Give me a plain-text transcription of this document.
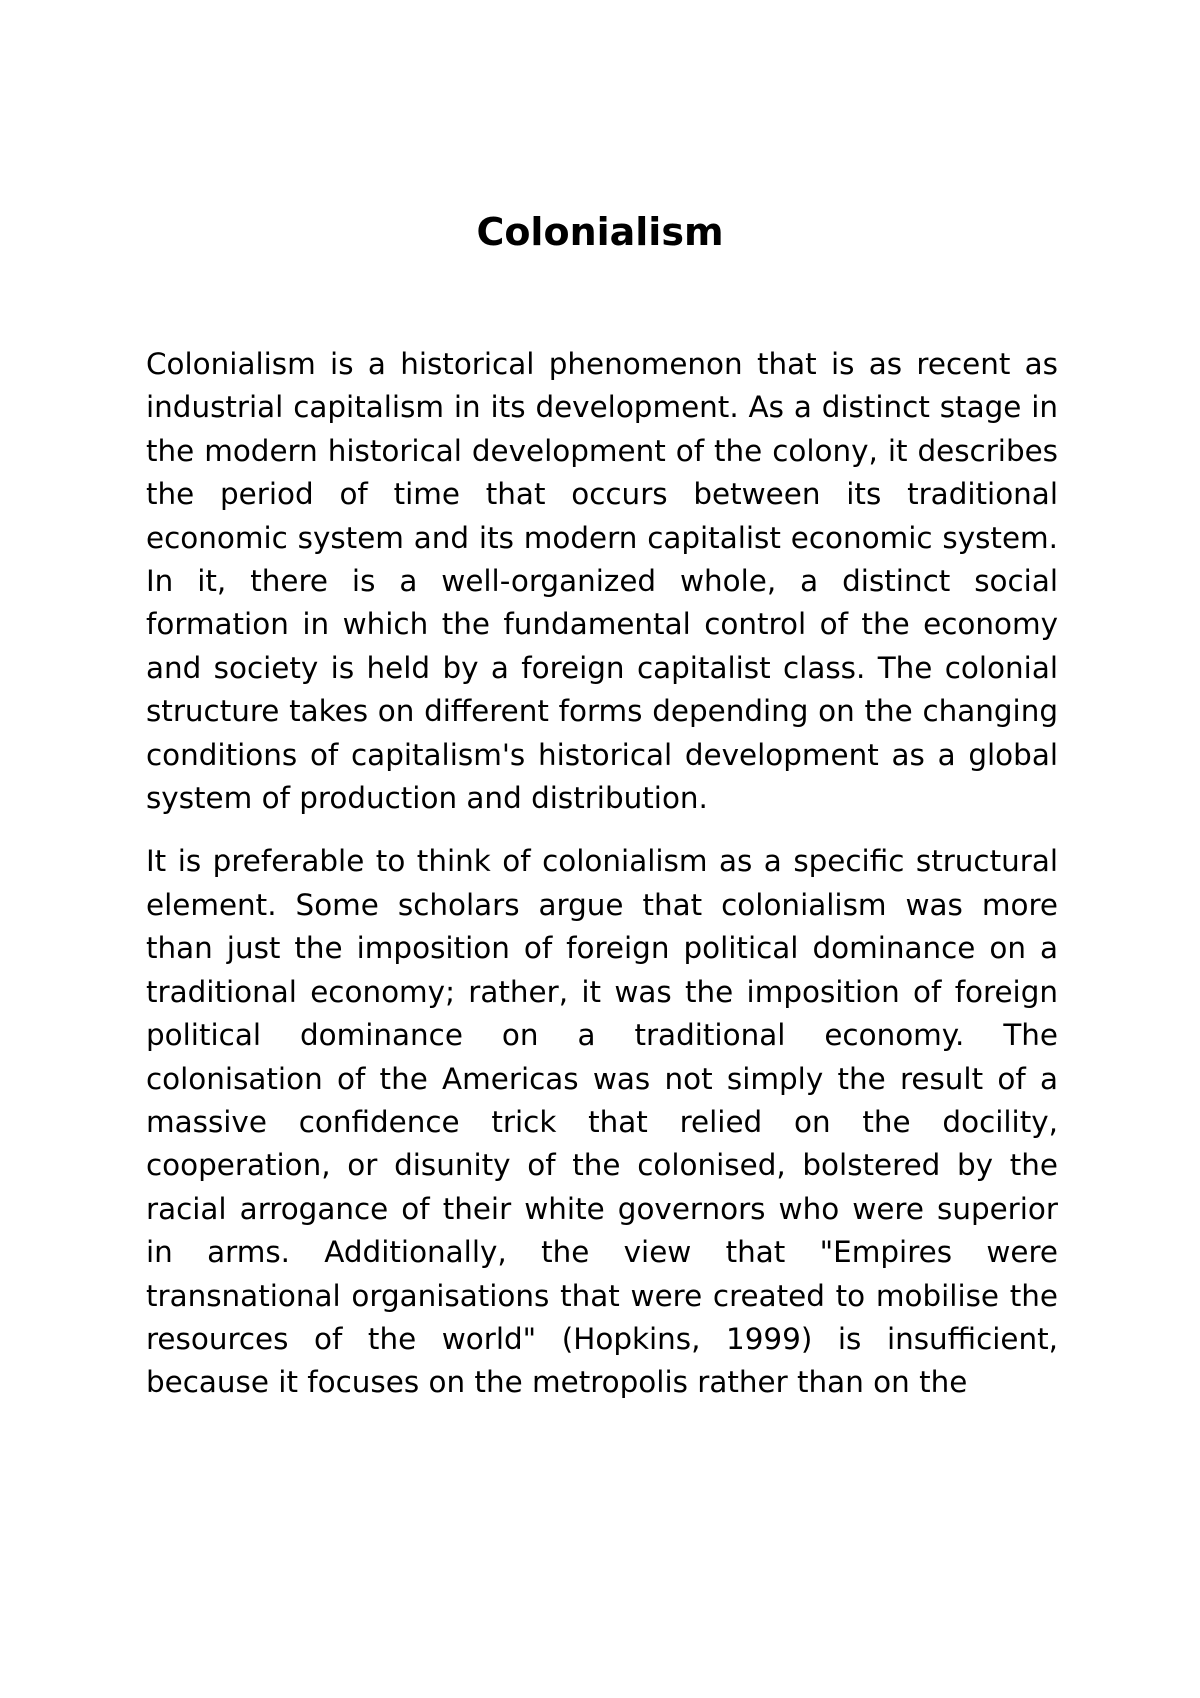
Colonialism

Colonialism is a historical phenomenon that is as recent as industrial capitalism in its development. As a distinct stage in the modern historical development of the colony, it describes the period of time that occurs between its traditional economic system and its modern capitalist economic system. In it, there is a well-organized whole, a distinct social formation in which the fundamental control of the economy and society is held by a foreign capitalist class. The colonial structure takes on different forms depending on the changing conditions of capitalism's historical development as a global system of production and distribution.

It is preferable to think of colonialism as a specific structural element. Some scholars argue that colonialism was more than just the imposition of foreign political dominance on a traditional economy; rather, it was the imposition of foreign political dominance on a traditional economy. The colonisation of the Americas was not simply the result of a massive confidence trick that relied on the docility, cooperation, or disunity of the colonised, bolstered by the racial arrogance of their white governors who were superior in arms. Additionally, the view that "Empires were transnational organisations that were created to mobilise the resources of the world" (Hopkins, 1999) is insufficient, because it focuses on the metropolis rather than on the
